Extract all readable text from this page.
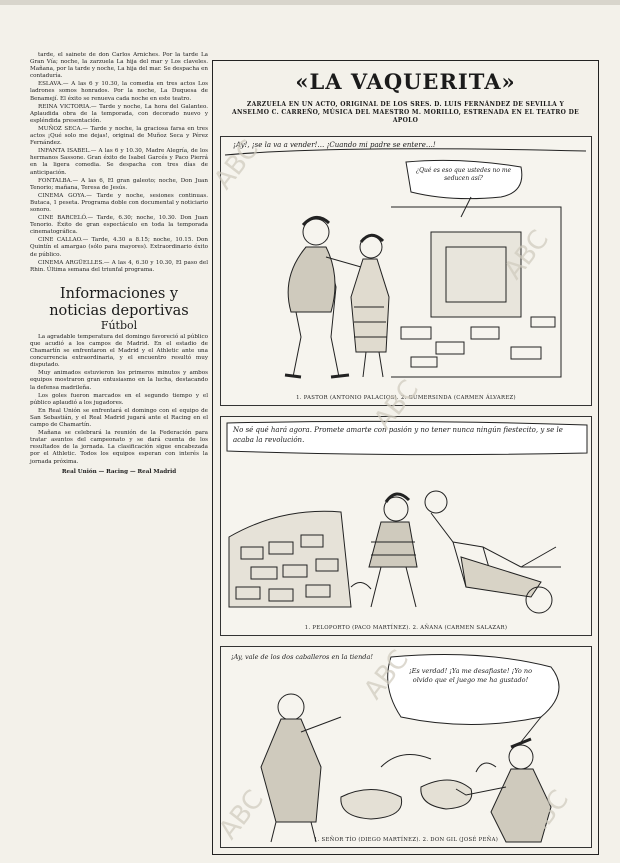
tarde, el sainete de don Carlos Arniches. Por la tarde La Gran Vía; noche, la zarzuela La hija del mar y Los claveles. Mañana, por la tarde y noche, La hija del mar. Se despacha en contaduría.

ESLAVA.— A las 6 y 10.30, la comedia en tres actos Los ladrones somos honrados. Por la noche, La Duquesa de Benamejí. El éxito se renueva cada noche en este teatro.

REINA VICTORIA.— Tarde y noche, La hora del Galanteo. Aplaudida obra de la temporada, con decorado nuevo y espléndida presentación.

MUÑOZ SECA.— Tarde y noche, la graciosa farsa en tres actos ¡Qué solo me dejas!, original de Muñoz Seca y Pérez Fernández.

INFANTA ISABEL.— A las 6 y 10.30, Madre Alegría, de los hermanos Sassone. Gran éxito de Isabel Garcés y Paco Pierrá en la ligera comedia. Se despacha con tres días de anticipación.

FONTALBA.— A las 6, El gran galeoto; noche, Don Juan Tenorio; mañana, Teresa de Jesús.

CINEMA GOYA.— Tarde y noche, sesiones continuas. Butaca, 1 peseta. Programa doble con documental y noticiario sonoro.

CINE BARCELÓ.— Tarde, 6.30; noche, 10.30. Don Juan Tenorio. Éxito de gran espectáculo en toda la temporada cinematográfica.

CINE CALLAO.— Tarde, 4.30 a 8.15; noche, 10.15. Don Quintín el amargao (sólo para mayores). Extraordinario éxito de público.

CINEMA ARGÜELLES.— A las 4, 6.30 y 10.30, El paso del Rhin. Última semana del triunfal programa.

Informaciones y noticias deportivas
Fútbol

La agradable temperatura del domingo favoreció al público que acudió a los campos de Madrid. En el estadio de Chamartín se enfrentaron el Madrid y el Athletic ante una concurrencia extraordinaria, y el encuentro resultó muy disputado.

Muy animados estuvieron los primeros minutos y ambos equipos mostraron gran entusiasmo en la lucha, destacando la defensa madrileña.

Los goles fueron marcados en el segundo tiempo y el público aplaudió a los jugadores.

En Real Unión se enfrentará el domingo con el equipo de San Sebastián, y el Real Madrid jugará ante el Racing en el campo de Chamartín.

Mañana se celebrará la reunión de la Federación para tratar asuntos del campeonato y se dará cuenta de los resultados de la jornada. La clasificación sigue encabezada por el Athletic. Todos los equipos esperan con interés la jornada próxima.

Real Unión — Racing — Real Madrid
«LA VAQUERITA»
ZARZUELA EN UN ACTO, ORIGINAL DE LOS SRES. D. LUIS FERNÁNDEZ DE SEVILLA Y ANSELMO C. CARREÑO, MÚSICA DEL MAESTRO M. MORILLO, ESTRENADA EN EL TEATRO DE APOLO
¡Ay!, ¡se la va a vender!… ¡Cuando mi padre se entere…!
¿Qué es eso que ustedes no me seducen así?
1. PASTOR (ANTONIO PALACIOS). 2. GUMERSINDA (CARMEN ÁLVAREZ)
No sé qué hará agora. Promete amarte con pasión y no tener nunca ningún fiestecito, y se le acaba la revolución.
1. PELOPORTO (PACO MARTÍNEZ). 2. AÑANA (CARMEN SALAZAR)
¡Ay, vale de los dos caballeros en la tienda!
¡Es verdad! ¡Ya me desafiaste! ¡Yo no olvido que el juego me ha gustado!
1. SEÑOR TÍO (DIEGO MARTÍNEZ). 2. DON GIL (JOSÉ PEÑA)
ABC
ABC
ABC
ABC
ABC	ABC
